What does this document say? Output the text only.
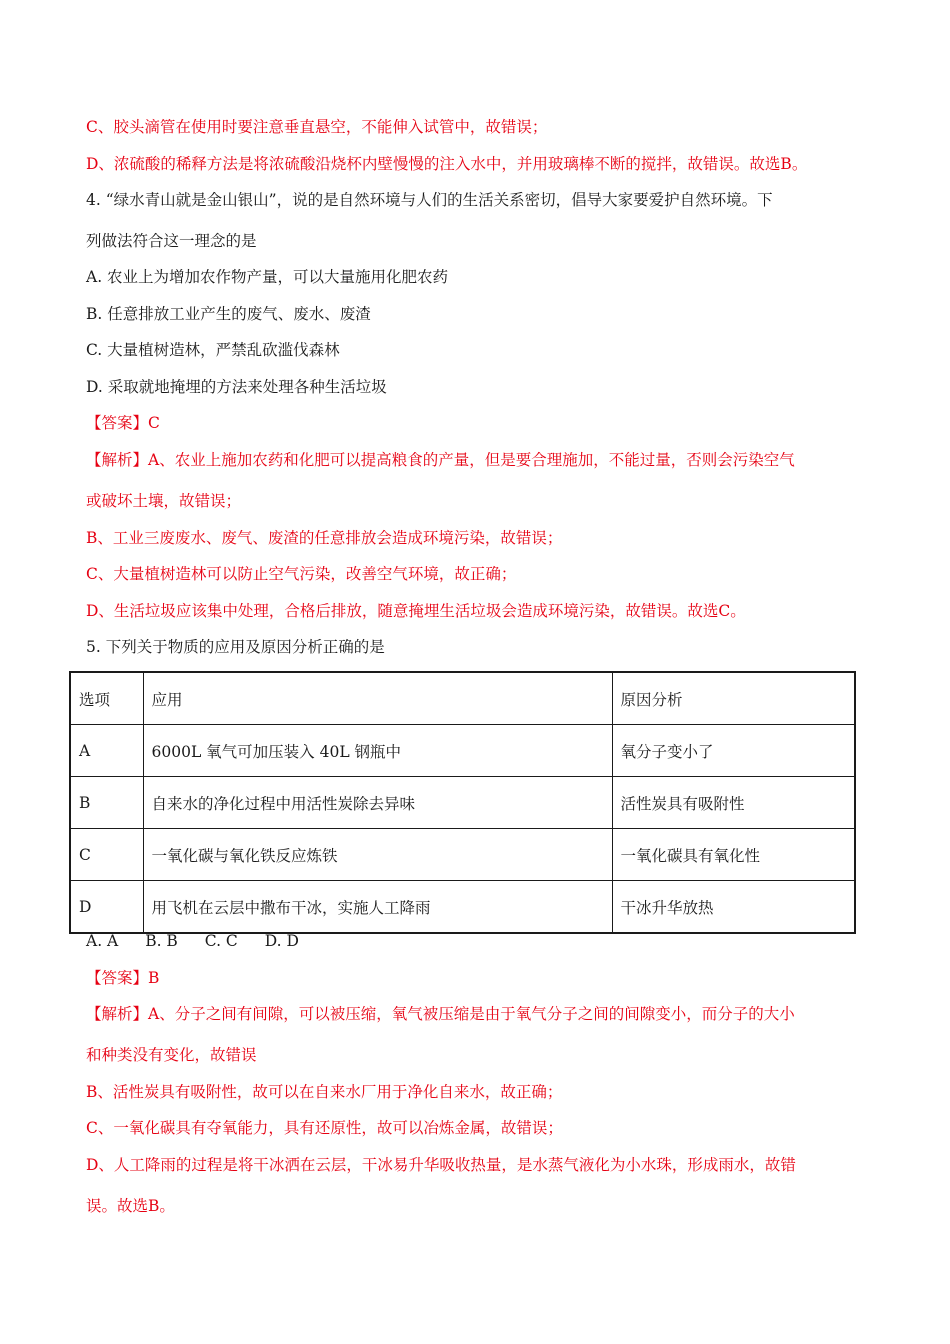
C、胶头滴管在使用时要注意垂直悬空，不能伸入试管中，故错误；
D、浓硫酸的稀释方法是将浓硫酸沿烧杯内壁慢慢的注入水中，并用玻璃棒不断的搅拌，故错误。故选B。
4. “绿水青山就是金山银山”，说的是自然环境与人们的生活关系密切，倡导大家要爱护自然环境。下
列做法符合这一理念的是
A. 农业上为增加农作物产量，可以大量施用化肥农药
B. 任意排放工业产生的废气、废水、废渣
C. 大量植树造林，严禁乱砍滥伐森林
D. 采取就地掩埋的方法来处理各种生活垃圾
【答案】C
【解析】A、农业上施加农药和化肥可以提高粮食的产量，但是要合理施加，不能过量，否则会污染空气
或破坏土壤，故错误；
B、工业三废废水、废气、废渣的任意排放会造成环境污染，故错误；
C、大量植树造林可以防止空气污染，改善空气环境，故正确；
D、生活垃圾应该集中处理，合格后排放，随意掩埋生活垃圾会造成环境污染，故错误。故选C。
5. 下列关于物质的应用及原因分析正确的是
选项	应用	原因分析
A	6000L 氧气可加压装入 40L 钢瓶中	氧分子变小了
B	自来水的净化过程中用活性炭除去异味	活性炭具有吸附性
C	一氧化碳与氧化铁反应炼铁	一氧化碳具有氧化性
D	用飞机在云层中撒布干冰，实施人工降雨	干冰升华放热
A. A B. B C. C D. D
【答案】B
【解析】A、分子之间有间隙，可以被压缩，氧气被压缩是由于氧气分子之间的间隙变小，而分子的大小
和种类没有变化，故错误
B、活性炭具有吸附性，故可以在自来水厂用于净化自来水，故正确；
C、一氧化碳具有夺氧能力，具有还原性，故可以冶炼金属，故错误；
D、人工降雨的过程是将干冰洒在云层，干冰易升华吸收热量，是水蒸气液化为小水珠，形成雨水，故错
误。故选B。
